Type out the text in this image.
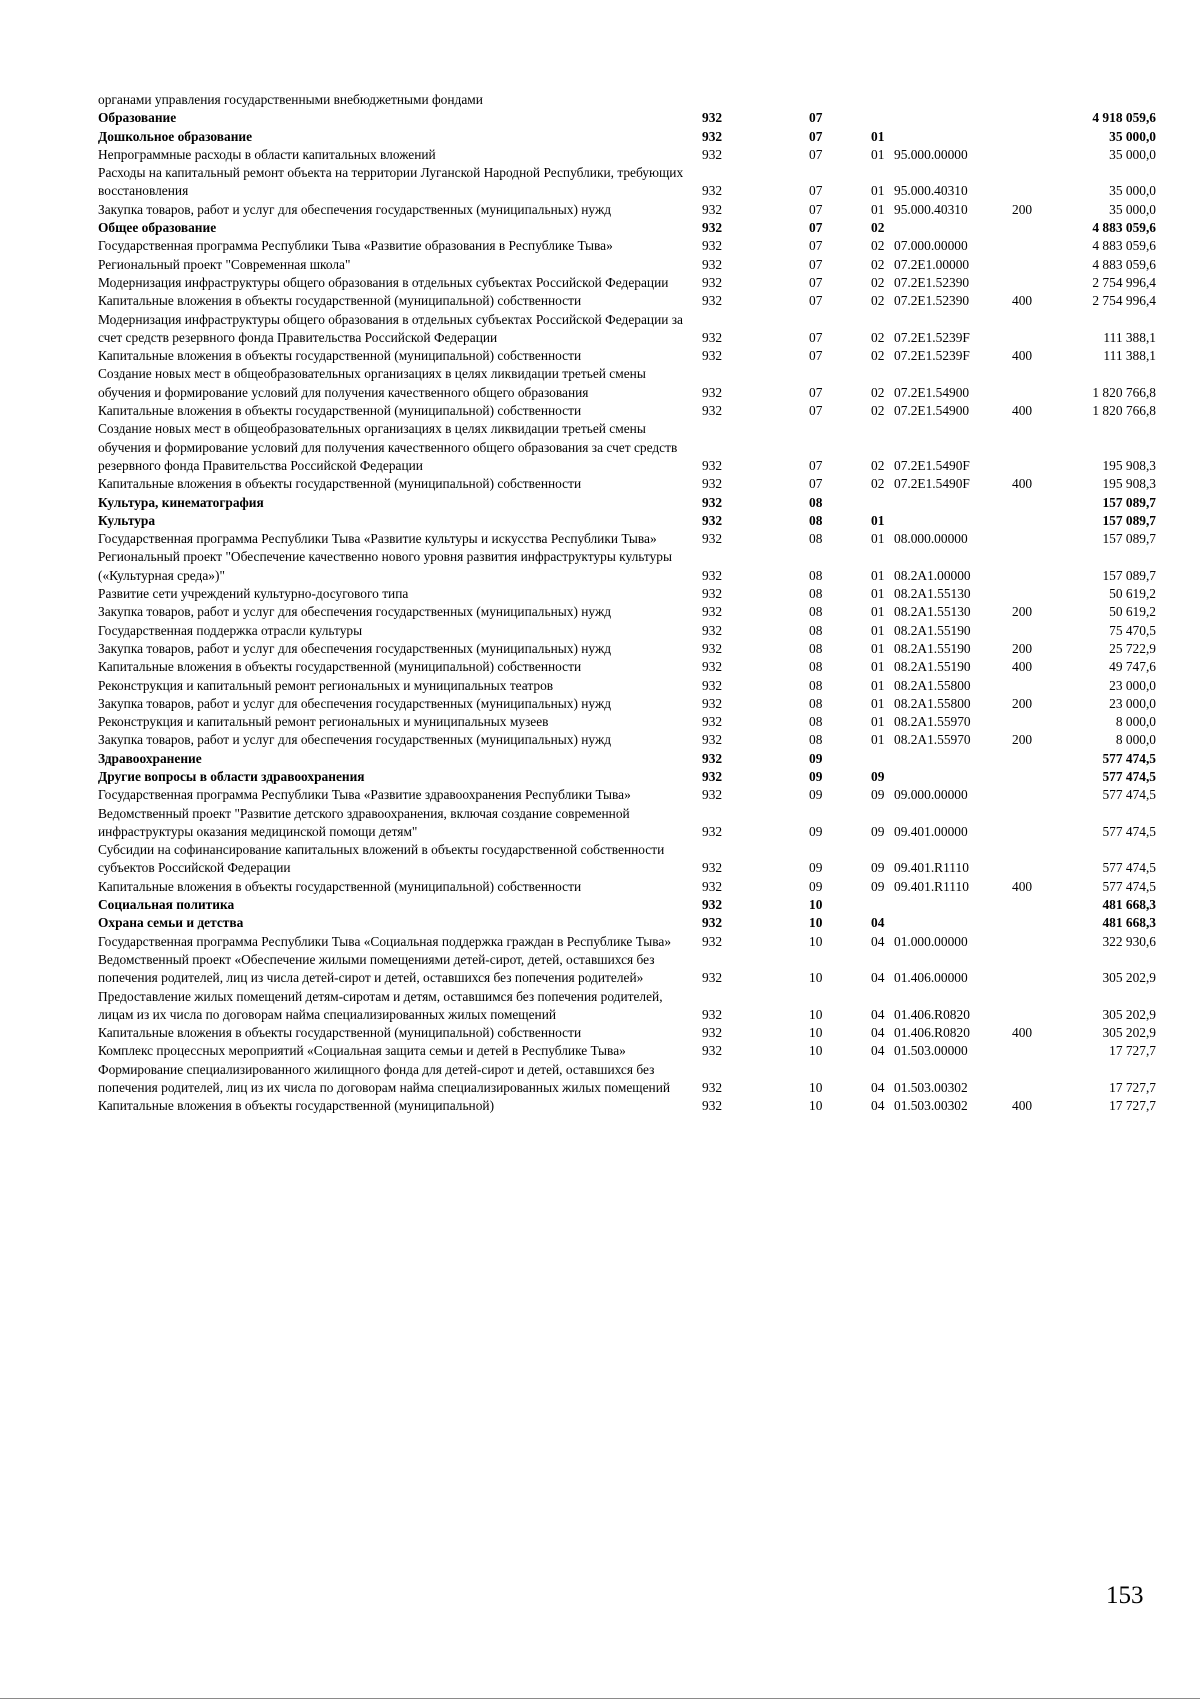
органами управления государственными внебюджетными фондами						
Образование	932	07				4 918 059,6
Дошкольное образование	932	07	01			35 000,0
Непрограммные расходы в области капитальных вложений	932	07	01	95.000.00000		35 000,0
Расходы на капитальный ремонт объекта на территории Луганской Народной Республики, требующих восстановления	932	07	01	95.000.40310		35 000,0
Закупка товаров, работ и услуг для обеспечения государственных (муниципальных) нужд	932	07	01	95.000.40310	200	35 000,0
Общее образование	932	07	02			4 883 059,6
Государственная программа Республики Тыва «Развитие образования в Республике Тыва»	932	07	02	07.000.00000		4 883 059,6
Региональный проект "Современная школа"	932	07	02	07.2E1.00000		4 883 059,6
Модернизация инфраструктуры общего образования в отдельных субъектах Российской Федерации	932	07	02	07.2E1.52390		2 754 996,4
Капитальные вложения в объекты государственной (муниципальной) собственности	932	07	02	07.2E1.52390	400	2 754 996,4
Модернизация инфраструктуры общего образования в отдельных субъектах Российской Федерации за счет средств резервного фонда Правительства Российской Федерации	932	07	02	07.2E1.5239F		111 388,1
Капитальные вложения в объекты государственной (муниципальной) собственности	932	07	02	07.2E1.5239F	400	111 388,1
Создание новых мест в общеобразовательных организациях в целях ликвидации третьей смены обучения и формирование условий для получения качественного общего образования	932	07	02	07.2E1.54900		1 820 766,8
Капитальные вложения в объекты государственной (муниципальной) собственности	932	07	02	07.2E1.54900	400	1 820 766,8
Создание новых мест в общеобразовательных организациях в целях ликвидации третьей смены обучения и формирование условий для получения качественного общего образования за счет средств резервного фонда Правительства Российской Федерации	932	07	02	07.2E1.5490F		195 908,3
Капитальные вложения в объекты государственной (муниципальной) собственности	932	07	02	07.2E1.5490F	400	195 908,3
Культура, кинематография	932	08				157 089,7
Культура	932	08	01			157 089,7
Государственная программа Республики Тыва «Развитие культуры и искусства Республики Тыва»	932	08	01	08.000.00000		157 089,7
Региональный проект "Обеспечение качественно нового уровня развития инфраструктуры культуры («Культурная среда»)"	932	08	01	08.2A1.00000		157 089,7
Развитие сети учреждений культурно-досугового типа	932	08	01	08.2A1.55130		50 619,2
Закупка товаров, работ и услуг для обеспечения государственных (муниципальных) нужд	932	08	01	08.2A1.55130	200	50 619,2
Государственная поддержка отрасли культуры	932	08	01	08.2A1.55190		75 470,5
Закупка товаров, работ и услуг для обеспечения государственных (муниципальных) нужд	932	08	01	08.2A1.55190	200	25 722,9
Капитальные вложения в объекты государственной (муниципальной) собственности	932	08	01	08.2A1.55190	400	49 747,6
Реконструкция и капитальный ремонт региональных и муниципальных театров	932	08	01	08.2A1.55800		23 000,0
Закупка товаров, работ и услуг для обеспечения государственных (муниципальных) нужд	932	08	01	08.2A1.55800	200	23 000,0
Реконструкция и капитальный ремонт региональных и муниципальных музеев	932	08	01	08.2A1.55970		8 000,0
Закупка товаров, работ и услуг для обеспечения государственных (муниципальных) нужд	932	08	01	08.2A1.55970	200	8 000,0
Здравоохранение	932	09				577 474,5
Другие вопросы в области здравоохранения	932	09	09			577 474,5
Государственная программа Республики Тыва «Развитие здравоохранения Республики Тыва»	932	09	09	09.000.00000		577 474,5
Ведомственный проект "Развитие детского здравоохранения, включая создание современной инфраструктуры оказания медицинской помощи детям"	932	09	09	09.401.00000		577 474,5
Субсидии на софинансирование капитальных вложений в объекты государственной собственности субъектов Российской Федерации	932	09	09	09.401.R1110		577 474,5
Капитальные вложения в объекты государственной (муниципальной) собственности	932	09	09	09.401.R1110	400	577 474,5
Социальная политика	932	10				481 668,3
Охрана семьи и детства	932	10	04			481 668,3
Государственная программа Республики Тыва «Социальная поддержка граждан в Республике Тыва»	932	10	04	01.000.00000		322 930,6
Ведомственный проект «Обеспечение жилыми помещениями детей-сирот, детей, оставшихся без попечения родителей, лиц из числа детей-сирот и детей, оставшихся без попечения родителей»	932	10	04	01.406.00000		305 202,9
Предоставление жилых помещений детям-сиротам и детям, оставшимся без попечения родителей, лицам из их числа по договорам найма специализированных жилых помещений	932	10	04	01.406.R0820		305 202,9
Капитальные вложения в объекты государственной (муниципальной) собственности	932	10	04	01.406.R0820	400	305 202,9
Комплекс процессных мероприятий «Социальная защита семьи и детей в Республике Тыва»	932	10	04	01.503.00000		17 727,7
Формирование специализированного жилищного фонда для детей-сирот и детей, оставшихся без попечения родителей, лиц из их числа по договорам найма специализированных жилых помещений	932	10	04	01.503.00302		17 727,7
Капитальные вложения в объекты государственной (муниципальной)	932	10	04	01.503.00302	400	17 727,7
153
